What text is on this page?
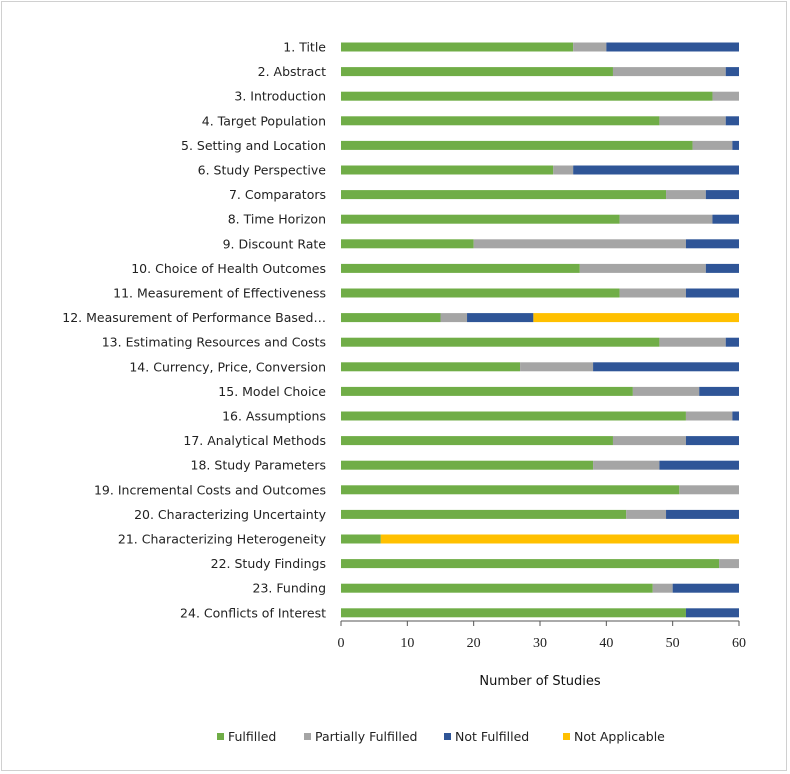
1. Title
2. Abstract
3. Introduction
4. Target Population
5. Setting and Location
6. Study Perspective
7. Comparators
8. Time Horizon
9. Discount Rate
10. Choice of Health Outcomes
11. Measurement of Effectiveness
12. Measurement of Performance Based…
13. Estimating Resources and Costs
14. Currency, Price, Conversion
15. Model Choice
16. Assumptions
17. Analytical Methods
18. Study Parameters
19. Incremental Costs and Outcomes
20. Characterizing Uncertainty
21. Characterizing Heterogeneity
22. Study Findings
23. Funding
24. Conflicts of Interest
0	10	20	30	40	50	60
Number of Studies
Fulfilled	Partially Fulfilled	Not Fulfilled	Not Applicable
